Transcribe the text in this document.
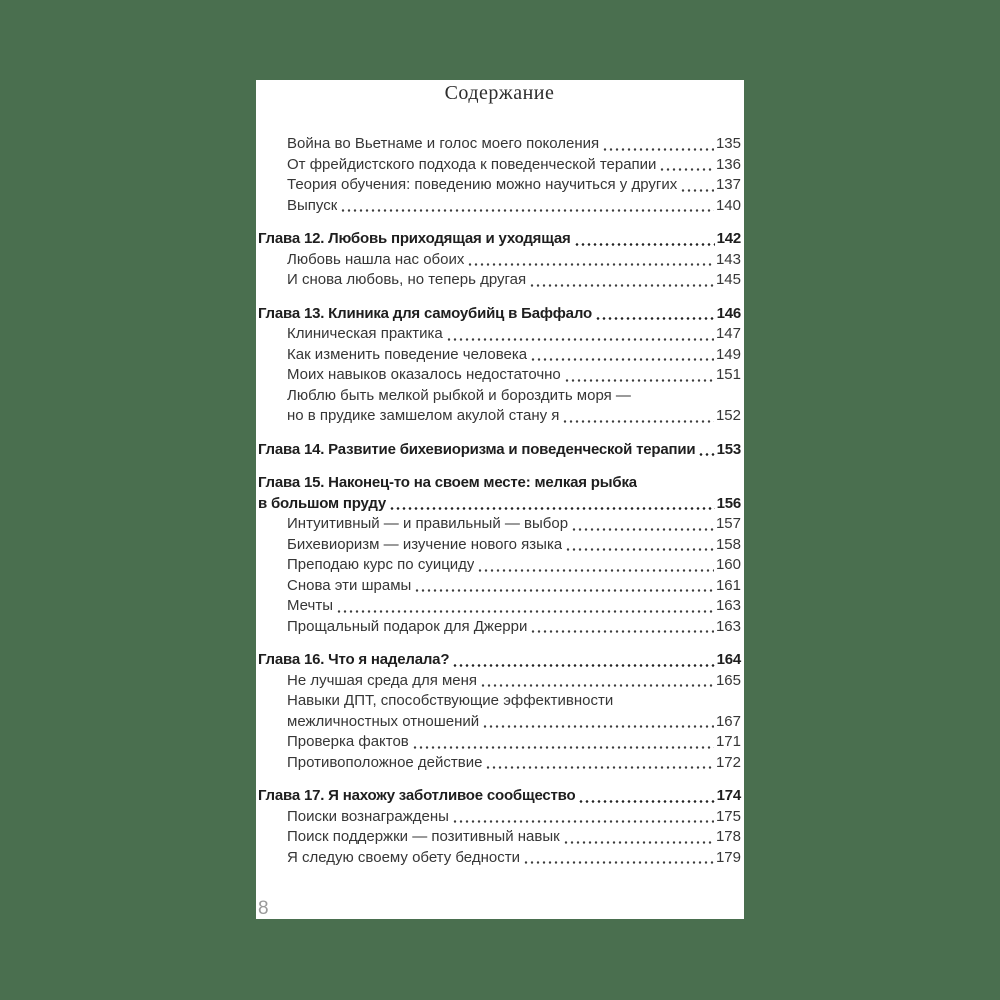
Содержание
Война во Вьетнаме и голос моего поколения	135
От фрейдистского подхода к поведенческой терапии	136
Теория обучения: поведению можно научиться у других	137
Выпуск	140
Глава 12. Любовь приходящая и уходящая	142
Любовь нашла нас обоих	143
И снова любовь, но теперь другая	145
Глава 13. Клиника для самоубийц в Баффало	146
Клиническая практика	147
Как изменить поведение человека	149
Моих навыков оказалось недостаточно	151
Люблю быть мелкой рыбкой и бороздить моря —
но в прудике замшелом акулой стану я	152
Глава 14. Развитие бихевиоризма и поведенческой терапии 153
Глава 15. Наконец-то на своем месте: мелкая рыбка
в большом пруду	156
Интуитивный — и правильный — выбор	157
Бихевиоризм — изучение нового языка	158
Преподаю курс по суициду	160
Снова эти шрамы	161
Мечты	163
Прощальный подарок для Джерри	163
Глава 16. Что я наделала?	164
Не лучшая среда для меня	165
Навыки ДПТ, способствующие эффективности
межличностных отношений	167
Проверка фактов	171
Противоположное действие	172
Глава 17. Я нахожу заботливое сообщество	174
Поиски вознаграждены	175
Поиск поддержки — позитивный навык	178
Я следую своему обету бедности	179
8
